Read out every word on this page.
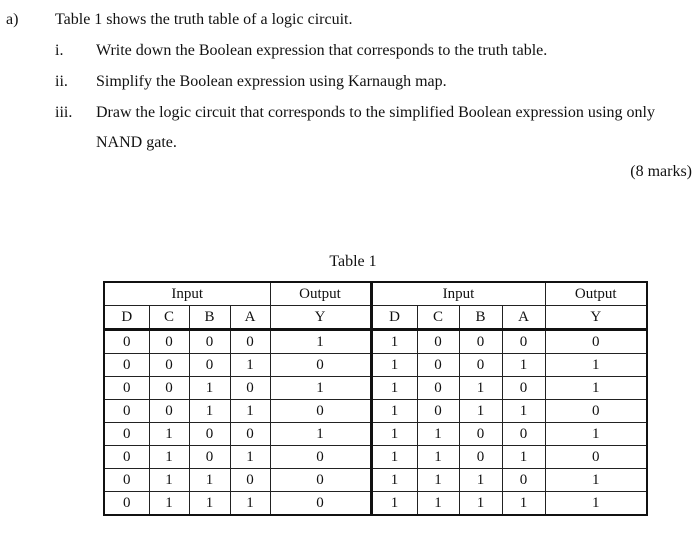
a) Table 1 shows the truth table of a logic circuit.
i. Write down the Boolean expression that corresponds to the truth table.
ii. Simplify the Boolean expression using Karnaugh map.
iii. Draw the logic circuit that corresponds to the simplified Boolean expression using only
NAND gate.
(8 marks)
Table 1
Input				Output	Input				Output
D	C	B	A	Y	D	C	B	A	Y
0	0	0	0	1	1	0	0	0	0
0	0	0	1	0	1	0	0	1	1
0	0	1	0	1	1	0	1	0	1
0	0	1	1	0	1	0	1	1	0
0	1	0	0	1	1	1	0	0	1
0	1	0	1	0	1	1	0	1	0
0	1	1	0	0	1	1	1	0	1
0	1	1	1	0	1	1	1	1	1
